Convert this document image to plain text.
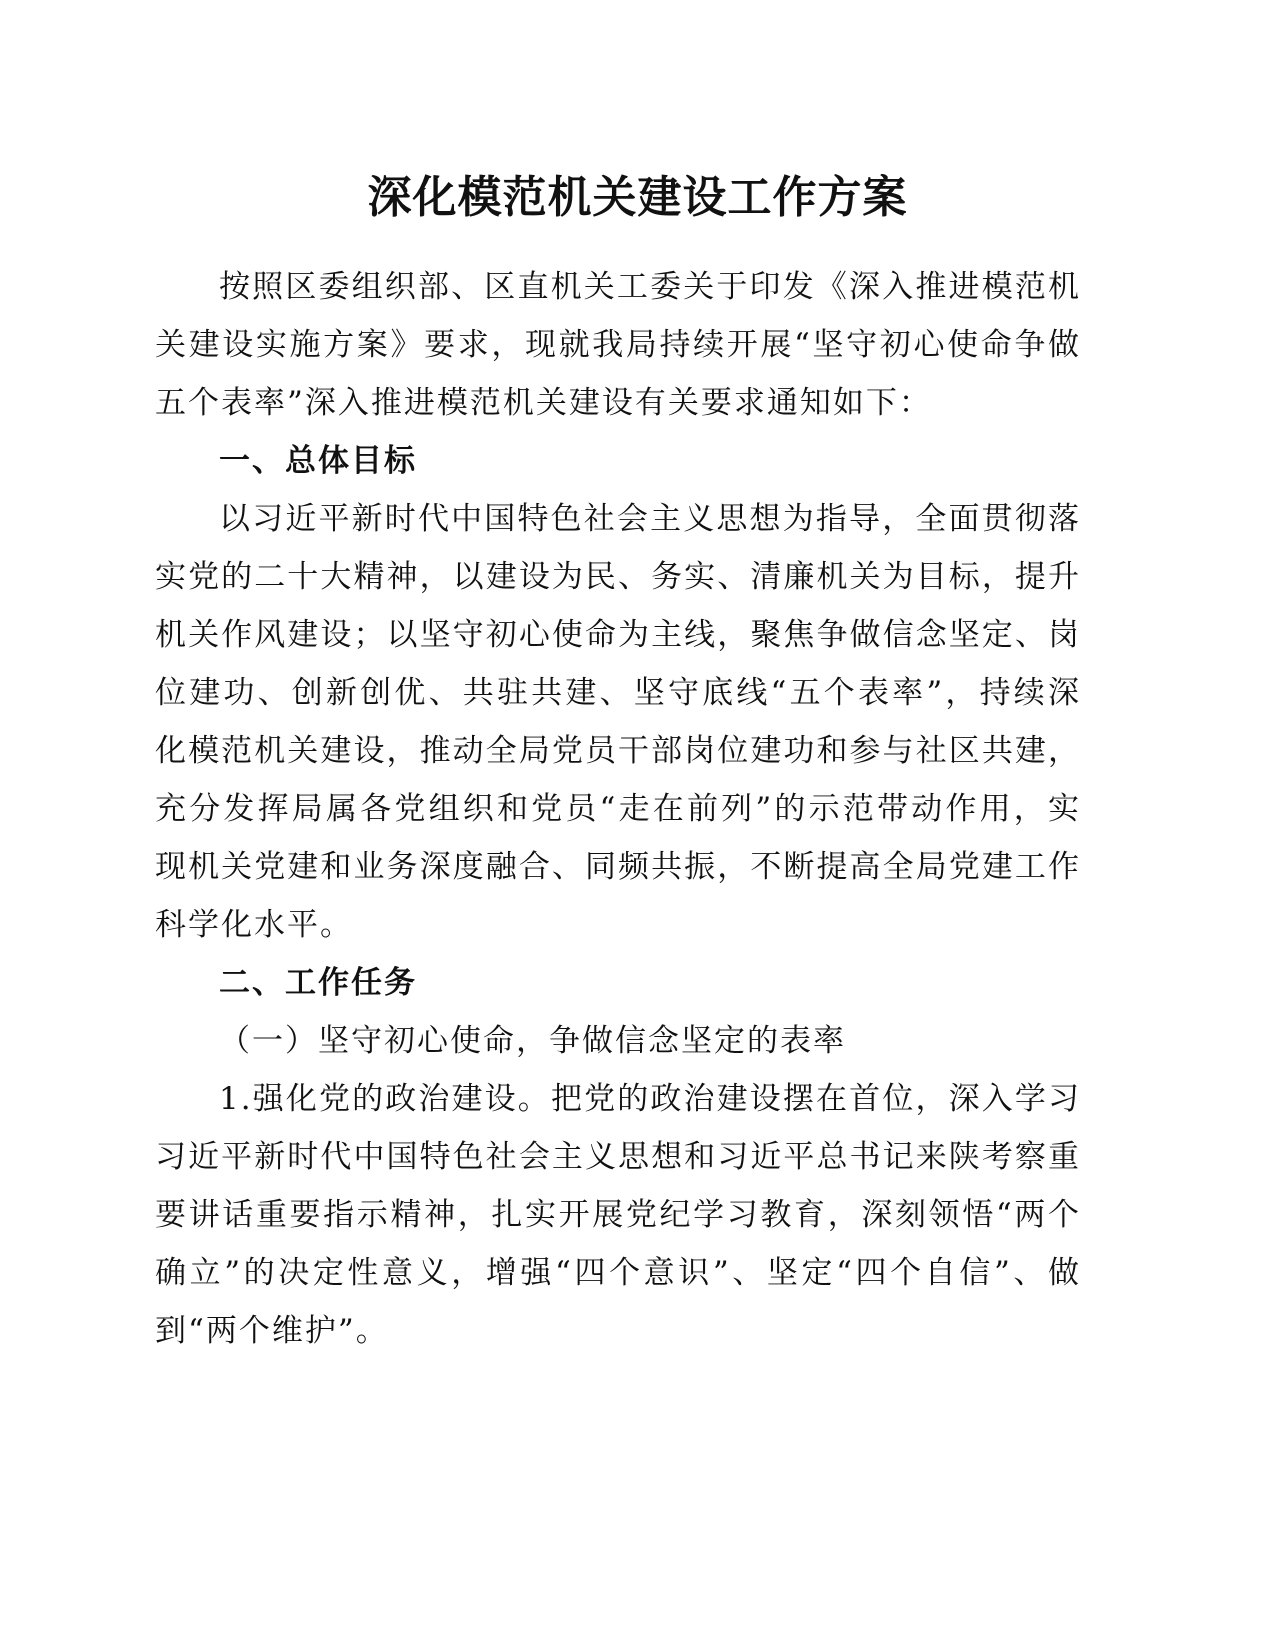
深化模范机关建设工作方案
按照区委组织部、区直机关工委关于印发《深入推进模范机关建设实施方案》要求，现就我局持续开展“坚守初心使命争做五个表率”深入推进模范机关建设有关要求通知如下：
一、总体目标
以习近平新时代中国特色社会主义思想为指导，全面贯彻落实党的二十大精神，以建设为民、务实、清廉机关为目标，提升机关作风建设；以坚守初心使命为主线，聚焦争做信念坚定、岗位建功、创新创优、共驻共建、坚守底线“五个表率”，持续深化模范机关建设，推动全局党员干部岗位建功和参与社区共建，充分发挥局属各党组织和党员“走在前列”的示范带动作用，实现机关党建和业务深度融合、同频共振，不断提高全局党建工作科学化水平。
二、工作任务
（一）坚守初心使命，争做信念坚定的表率
1.强化党的政治建设。把党的政治建设摆在首位，深入学习习近平新时代中国特色社会主义思想和习近平总书记来陕考察重要讲话重要指示精神，扎实开展党纪学习教育，深刻领悟“两个确立”的决定性意义，增强“四个意识”、坚定“四个自信”、做到“两个维护”。
